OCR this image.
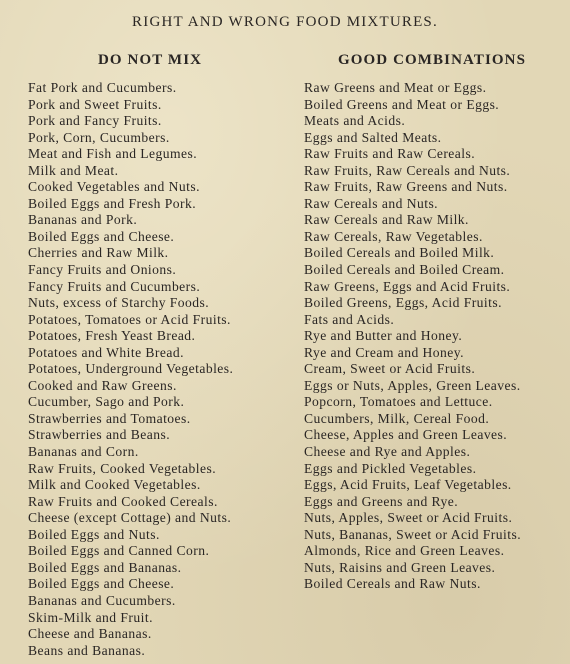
RIGHT AND WRONG FOOD MIXTURES.
DO NOT MIX	GOOD COMBINATIONS
Fat Pork and Cucumbers.
Pork and Sweet Fruits.
Pork and Fancy Fruits.
Pork, Corn, Cucumbers.
Meat and Fish and Legumes.
Milk and Meat.
Cooked Vegetables and Nuts.
Boiled Eggs and Fresh Pork.
Bananas and Pork.
Boiled Eggs and Cheese.
Cherries and Raw Milk.
Fancy Fruits and Onions.
Fancy Fruits and Cucumbers.
Nuts, excess of Starchy Foods.
Potatoes, Tomatoes or Acid Fruits.
Potatoes, Fresh Yeast Bread.
Potatoes and White Bread.
Potatoes, Underground Vegetables.
Cooked and Raw Greens.
Cucumber, Sago and Pork.
Strawberries and Tomatoes.
Strawberries and Beans.
Bananas and Corn.
Raw Fruits, Cooked Vegetables.
Milk and Cooked Vegetables.
Raw Fruits and Cooked Cereals.
Cheese (except Cottage) and Nuts.
Boiled Eggs and Nuts.
Boiled Eggs and Canned Corn.
Boiled Eggs and Bananas.
Boiled Eggs and Cheese.
Bananas and Cucumbers.
Skim-Milk and Fruit.
Cheese and Bananas.
Beans and Bananas.
Raw Greens and Meat or Eggs.
Boiled Greens and Meat or Eggs.
Meats and Acids.
Eggs and Salted Meats.
Raw Fruits and Raw Cereals.
Raw Fruits, Raw Cereals and Nuts.
Raw Fruits, Raw Greens and Nuts.
Raw Cereals and Nuts.
Raw Cereals and Raw Milk.
Raw Cereals, Raw Vegetables.
Boiled Cereals and Boiled Milk.
Boiled Cereals and Boiled Cream.
Raw Greens, Eggs and Acid Fruits.
Boiled Greens, Eggs, Acid Fruits.
Fats and Acids.
Rye and Butter and Honey.
Rye and Cream and Honey.
Cream, Sweet or Acid Fruits.
Eggs or Nuts, Apples, Green Leaves.
Popcorn, Tomatoes and Lettuce.
Cucumbers, Milk, Cereal Food.
Cheese, Apples and Green Leaves.
Cheese and Rye and Apples.
Eggs and Pickled Vegetables.
Eggs, Acid Fruits, Leaf Vegetables.
Eggs and Greens and Rye.
Nuts, Apples, Sweet or Acid Fruits.
Nuts, Bananas, Sweet or Acid Fruits.
Almonds, Rice and Green Leaves.
Nuts, Raisins and Green Leaves.
Boiled Cereals and Raw Nuts.
